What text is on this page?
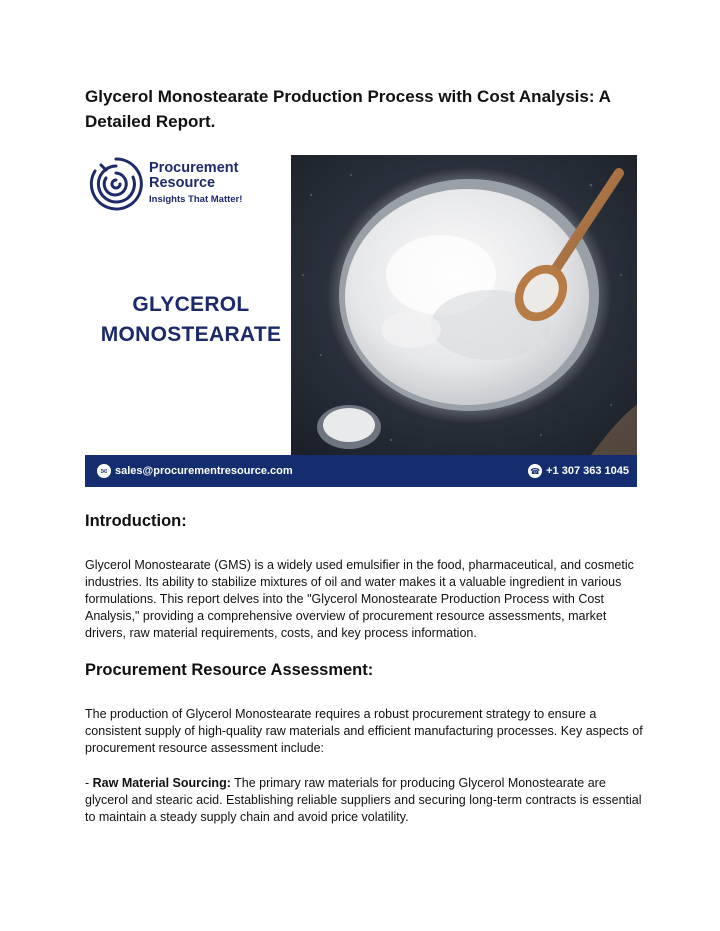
Glycerol Monostearate Production Process with Cost Analysis: A Detailed Report.
Procurement
Resource
Insights That Matter!
GLYCEROL
MONOSTEARATE
✉ sales@procurementresource.com	☎ +1 307 363 1045
Introduction:

Glycerol Monostearate (GMS) is a widely used emulsifier in the food, pharmaceutical, and cosmetic industries. Its ability to stabilize mixtures of oil and water makes it a valuable ingredient in various formulations. This report delves into the "Glycerol Monostearate Production Process with Cost Analysis," providing a comprehensive overview of procurement resource assessments, market drivers, raw material requirements, costs, and key process information.

Procurement Resource Assessment:

The production of Glycerol Monostearate requires a robust procurement strategy to ensure a consistent supply of high-quality raw materials and efficient manufacturing processes. Key aspects of procurement resource assessment include:

- Raw Material Sourcing: The primary raw materials for producing Glycerol Monostearate are glycerol and stearic acid. Establishing reliable suppliers and securing long-term contracts is essential to maintain a steady supply chain and avoid price volatility.
